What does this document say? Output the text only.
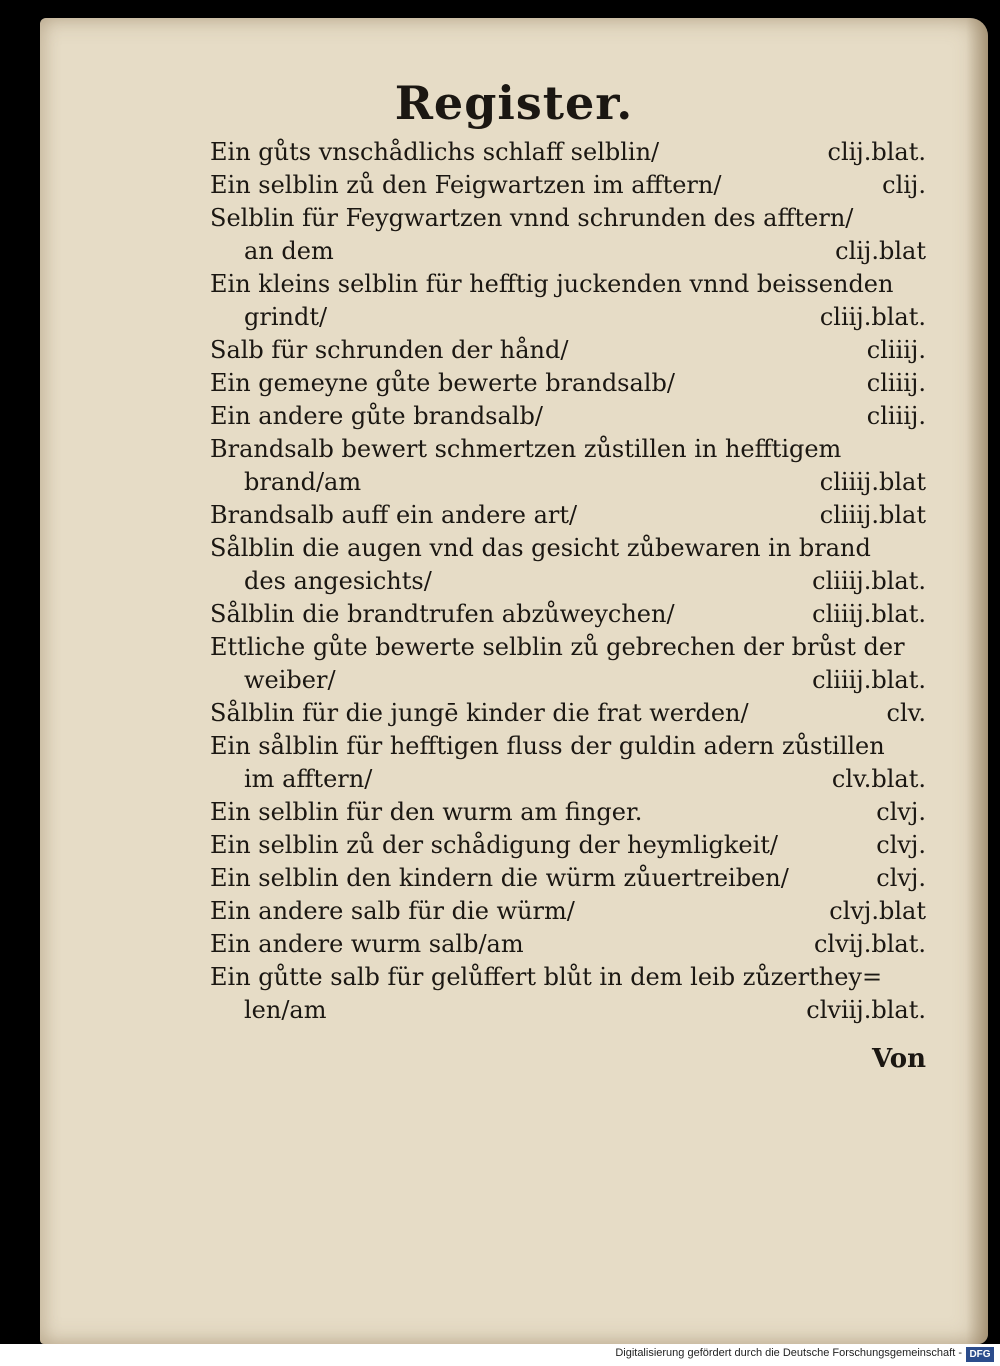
Register.
Ein gůts vnschådlichs schlaff selblin/	clij.blat.
Ein selblin zů den Feigwartzen im afftern/	clij.
Selblin für Feygwartzen vnnd schrunden des afftern/
an dem	clij.blat
Ein kleins selblin für hefftig juckenden vnnd beissenden
grindt/	cliij.blat.
Salb für schrunden der hånd/	cliiij.
Ein gemeyne gůte bewerte brandsalb/	cliiij.
Ein andere gůte brandsalb/	cliiij.
Brandsalb bewert schmertzen zůstillen in hefftigem
brand/am	cliiij.blat
Brandsalb auff ein andere art/	cliiij.blat
Sålblin die augen vnd das gesicht zůbewaren in brand
des angesichts/	cliiij.blat.
Sålblin die brandtrufen abzůweychen/	cliiij.blat.
Ettliche gůte bewerte selblin zů gebrechen der brůst der
weiber/	cliiij.blat.
Sålblin für die jungē kinder die frat werden/	clv.
Ein sålblin für hefftigen fluss der guldin adern zůstillen
im afftern/	clv.blat.
Ein selblin für den wurm am finger.	clvj.
Ein selblin zů der schådigung der heymligkeit/	clvj.
Ein selblin den kindern die würm zůuertreiben/	clvj.
Ein andere salb für die würm/	clvj.blat
Ein andere wurm salb/am	clvij.blat.
Ein gůtte salb für gelůffert blůt in dem leib zůzerthey=
len/am	clviij.blat.
Von
Digitalisierung gefördert durch die Deutsche Forschungsgemeinschaft - DFG
